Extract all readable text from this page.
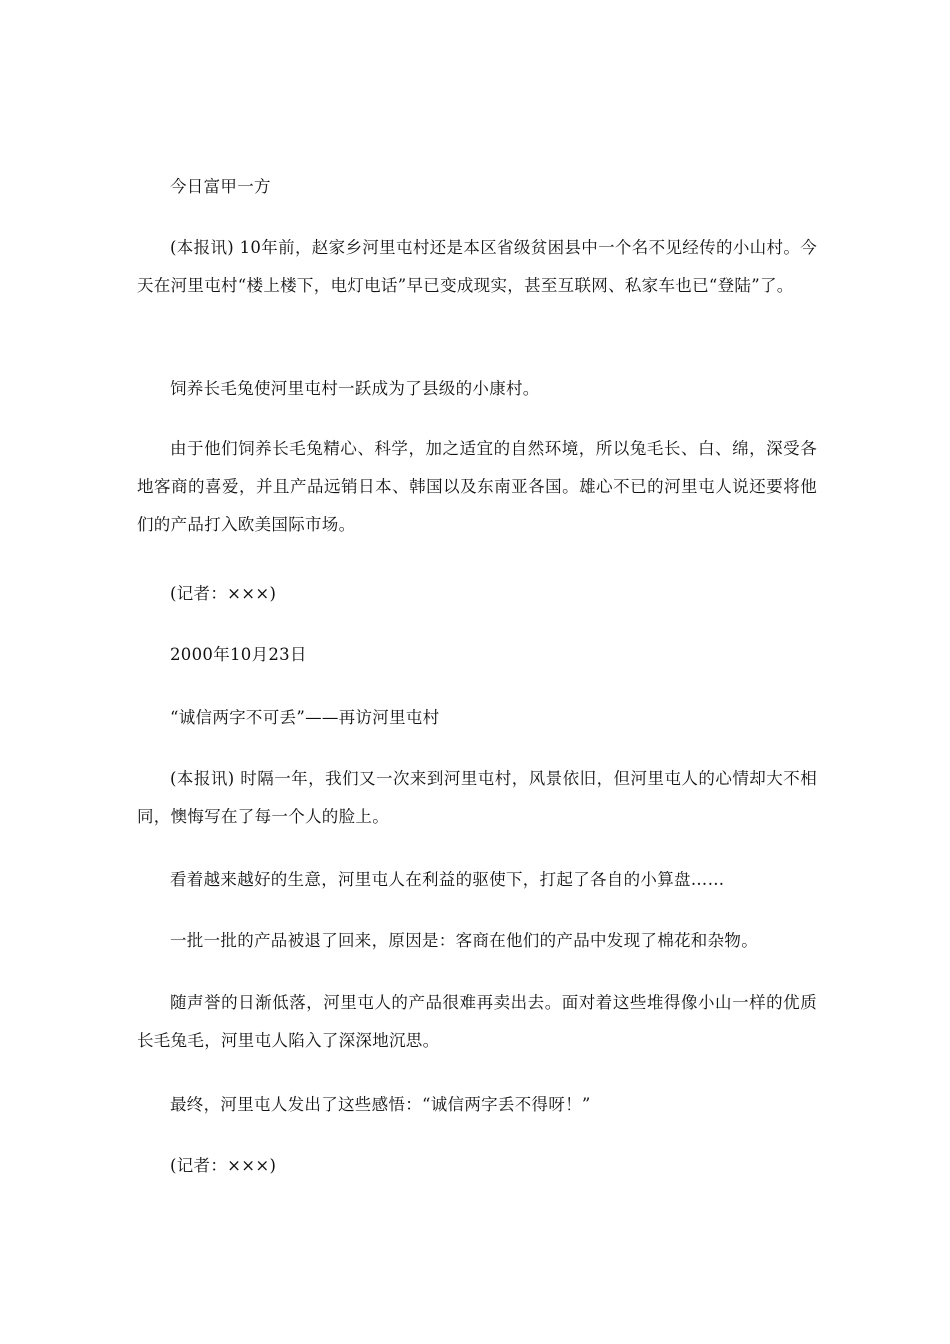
今日富甲一方

(本报讯) 10年前，赵家乡河里屯村还是本区省级贫困县中一个名不见经传的小山村。今天在河里屯村“楼上楼下，电灯电话”早已变成现实，甚至互联网、私家车也已“登陆”了。

饲养长毛兔使河里屯村一跃成为了县级的小康村。

由于他们饲养长毛兔精心、科学，加之适宜的自然环境，所以兔毛长、白、绵，深受各地客商的喜爱，并且产品远销日本、韩国以及东南亚各国。雄心不已的河里屯人说还要将他们的产品打入欧美国际市场。

(记者：×××)

2000年10月23日

“诚信两字不可丢”——再访河里屯村

(本报讯) 时隔一年，我们又一次来到河里屯村，风景依旧，但河里屯人的心情却大不相同，懊悔写在了每一个人的脸上。

看着越来越好的生意，河里屯人在利益的驱使下，打起了各自的小算盘……

一批一批的产品被退了回来，原因是：客商在他们的产品中发现了棉花和杂物。

随声誉的日渐低落，河里屯人的产品很难再卖出去。面对着这些堆得像小山一样的优质长毛兔毛，河里屯人陷入了深深地沉思。

最终，河里屯人发出了这些感悟：“诚信两字丢不得呀！”

(记者：×××)
